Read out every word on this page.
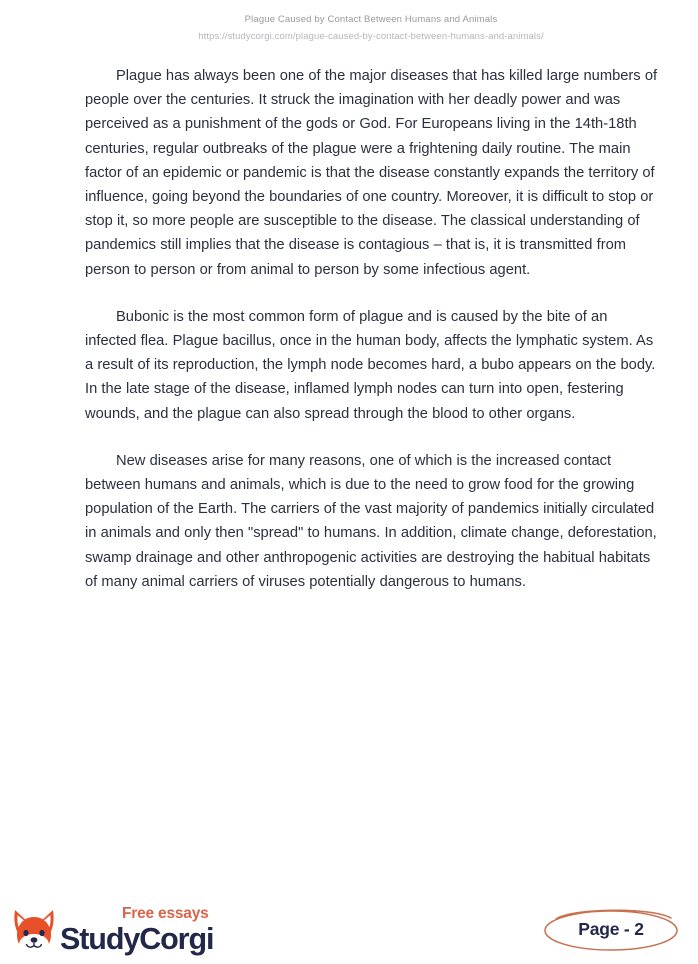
Plague Caused by Contact Between Humans and Animals
https://studycorgi.com/plague-caused-by-contact-between-humans-and-animals/

Plague has always been one of the major diseases that has killed large numbers of people over the centuries. It struck the imagination with her deadly power and was perceived as a punishment of the gods or God. For Europeans living in the 14th-18th centuries, regular outbreaks of the plague were a frightening daily routine. The main factor of an epidemic or pandemic is that the disease constantly expands the territory of influence, going beyond the boundaries of one country. Moreover, it is difficult to stop or stop it, so more people are susceptible to the disease. The classical understanding of pandemics still implies that the disease is contagious – that is, it is transmitted from person to person or from animal to person by some infectious agent.

Bubonic is the most common form of plague and is caused by the bite of an infected flea. Plague bacillus, once in the human body, affects the lymphatic system. As a result of its reproduction, the lymph node becomes hard, a bubo appears on the body. In the late stage of the disease, inflamed lymph nodes can turn into open, festering wounds, and the plague can also spread through the blood to other organs.

New diseases arise for many reasons, one of which is the increased contact between humans and animals, which is due to the need to grow food for the growing population of the Earth. The carriers of the vast majority of pandemics initially circulated in animals and only then "spread" to humans. In addition, climate change, deforestation, swamp drainage and other anthropogenic activities are destroying the habitual habitats of many animal carriers of viruses potentially dangerous to humans.

Free essays
StudyCorgi	Page - 2
